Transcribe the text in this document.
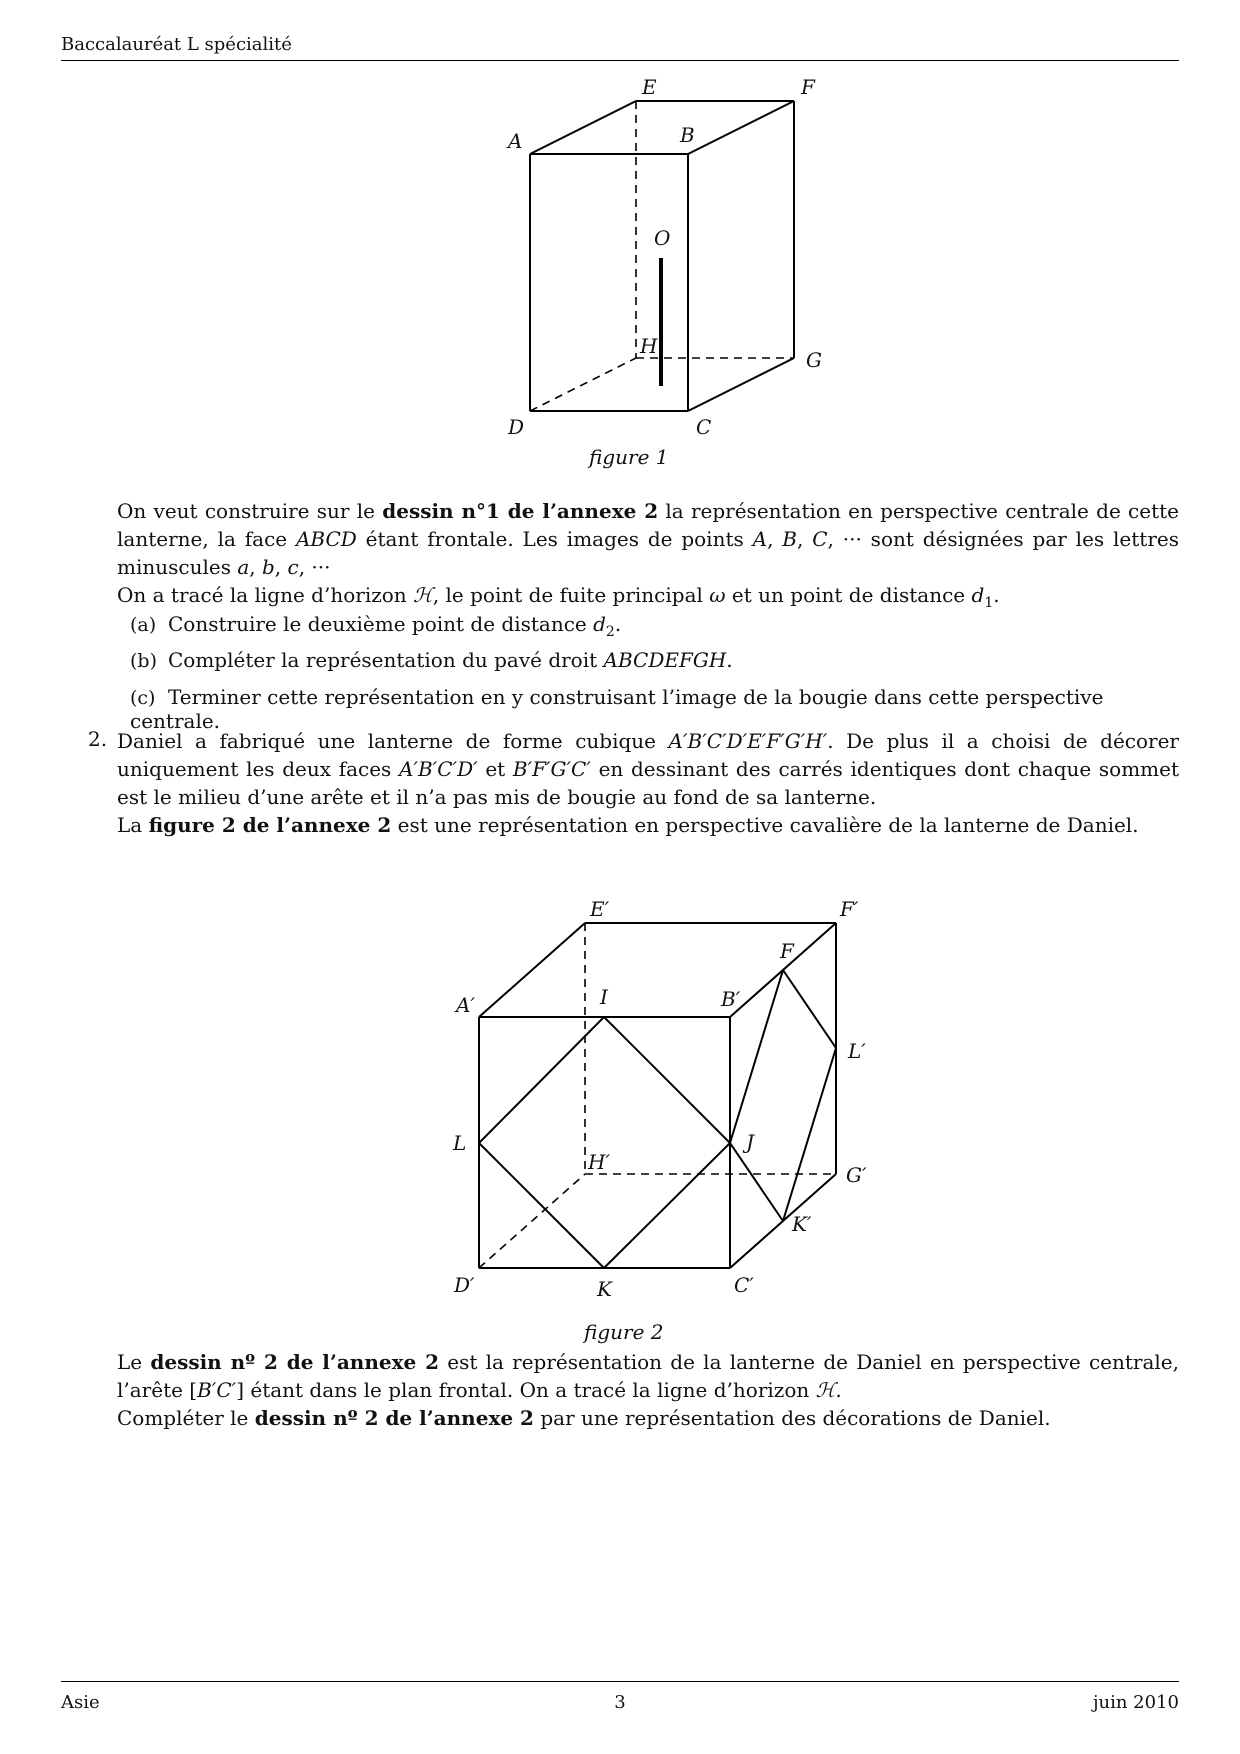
Baccalauréat L spécialité
E	F
A	B
O
H
G
D	C
figure 1
On veut construire sur le dessin n°1 de l’annexe 2 la représentation en perspective centrale de cette lanterne, la face ABCD étant frontale. Les images de points A, B, C, ··· sont désignées par les lettres minuscules a, b, c, ···
On a tracé la ligne d’horizon ℋ, le point de fuite principal ω et un point de distance $d_1$.
(a) Construire le deuxième point de distance $d_2$.
(b) Compléter la représentation du pavé droit ABCDEFGH.
(c) Terminer cette représentation en y construisant l’image de la bougie dans cette perspective centrale.
2. Daniel a fabriqué une lanterne de forme cubique A′B′C′D′E′F′G′H′. De plus il a choisi de décorer uniquement les deux faces A′B′C′D′ et B′F′G′C′ en dessinant des carrés identiques dont chaque sommet est le milieu d’une arête et il n’a pas mis de bougie au fond de sa lanterne.
La figure 2 de l’annexe 2 est une représentation en perspective cavalière de la lanterne de Daniel.
E′	F′
F
A′	I	B′
L′
L	J
H′
G′
K′
D′	K	C′
figure 2
Le dessin nº 2 de l’annexe 2 est la représentation de la lanterne de Daniel en perspective centrale, l’arête [B′C′] étant dans le plan frontal. On a tracé la ligne d’horizon ℋ.
Compléter le dessin nº 2 de l’annexe 2 par une représentation des décorations de Daniel.
Asie	3	juin 2010
